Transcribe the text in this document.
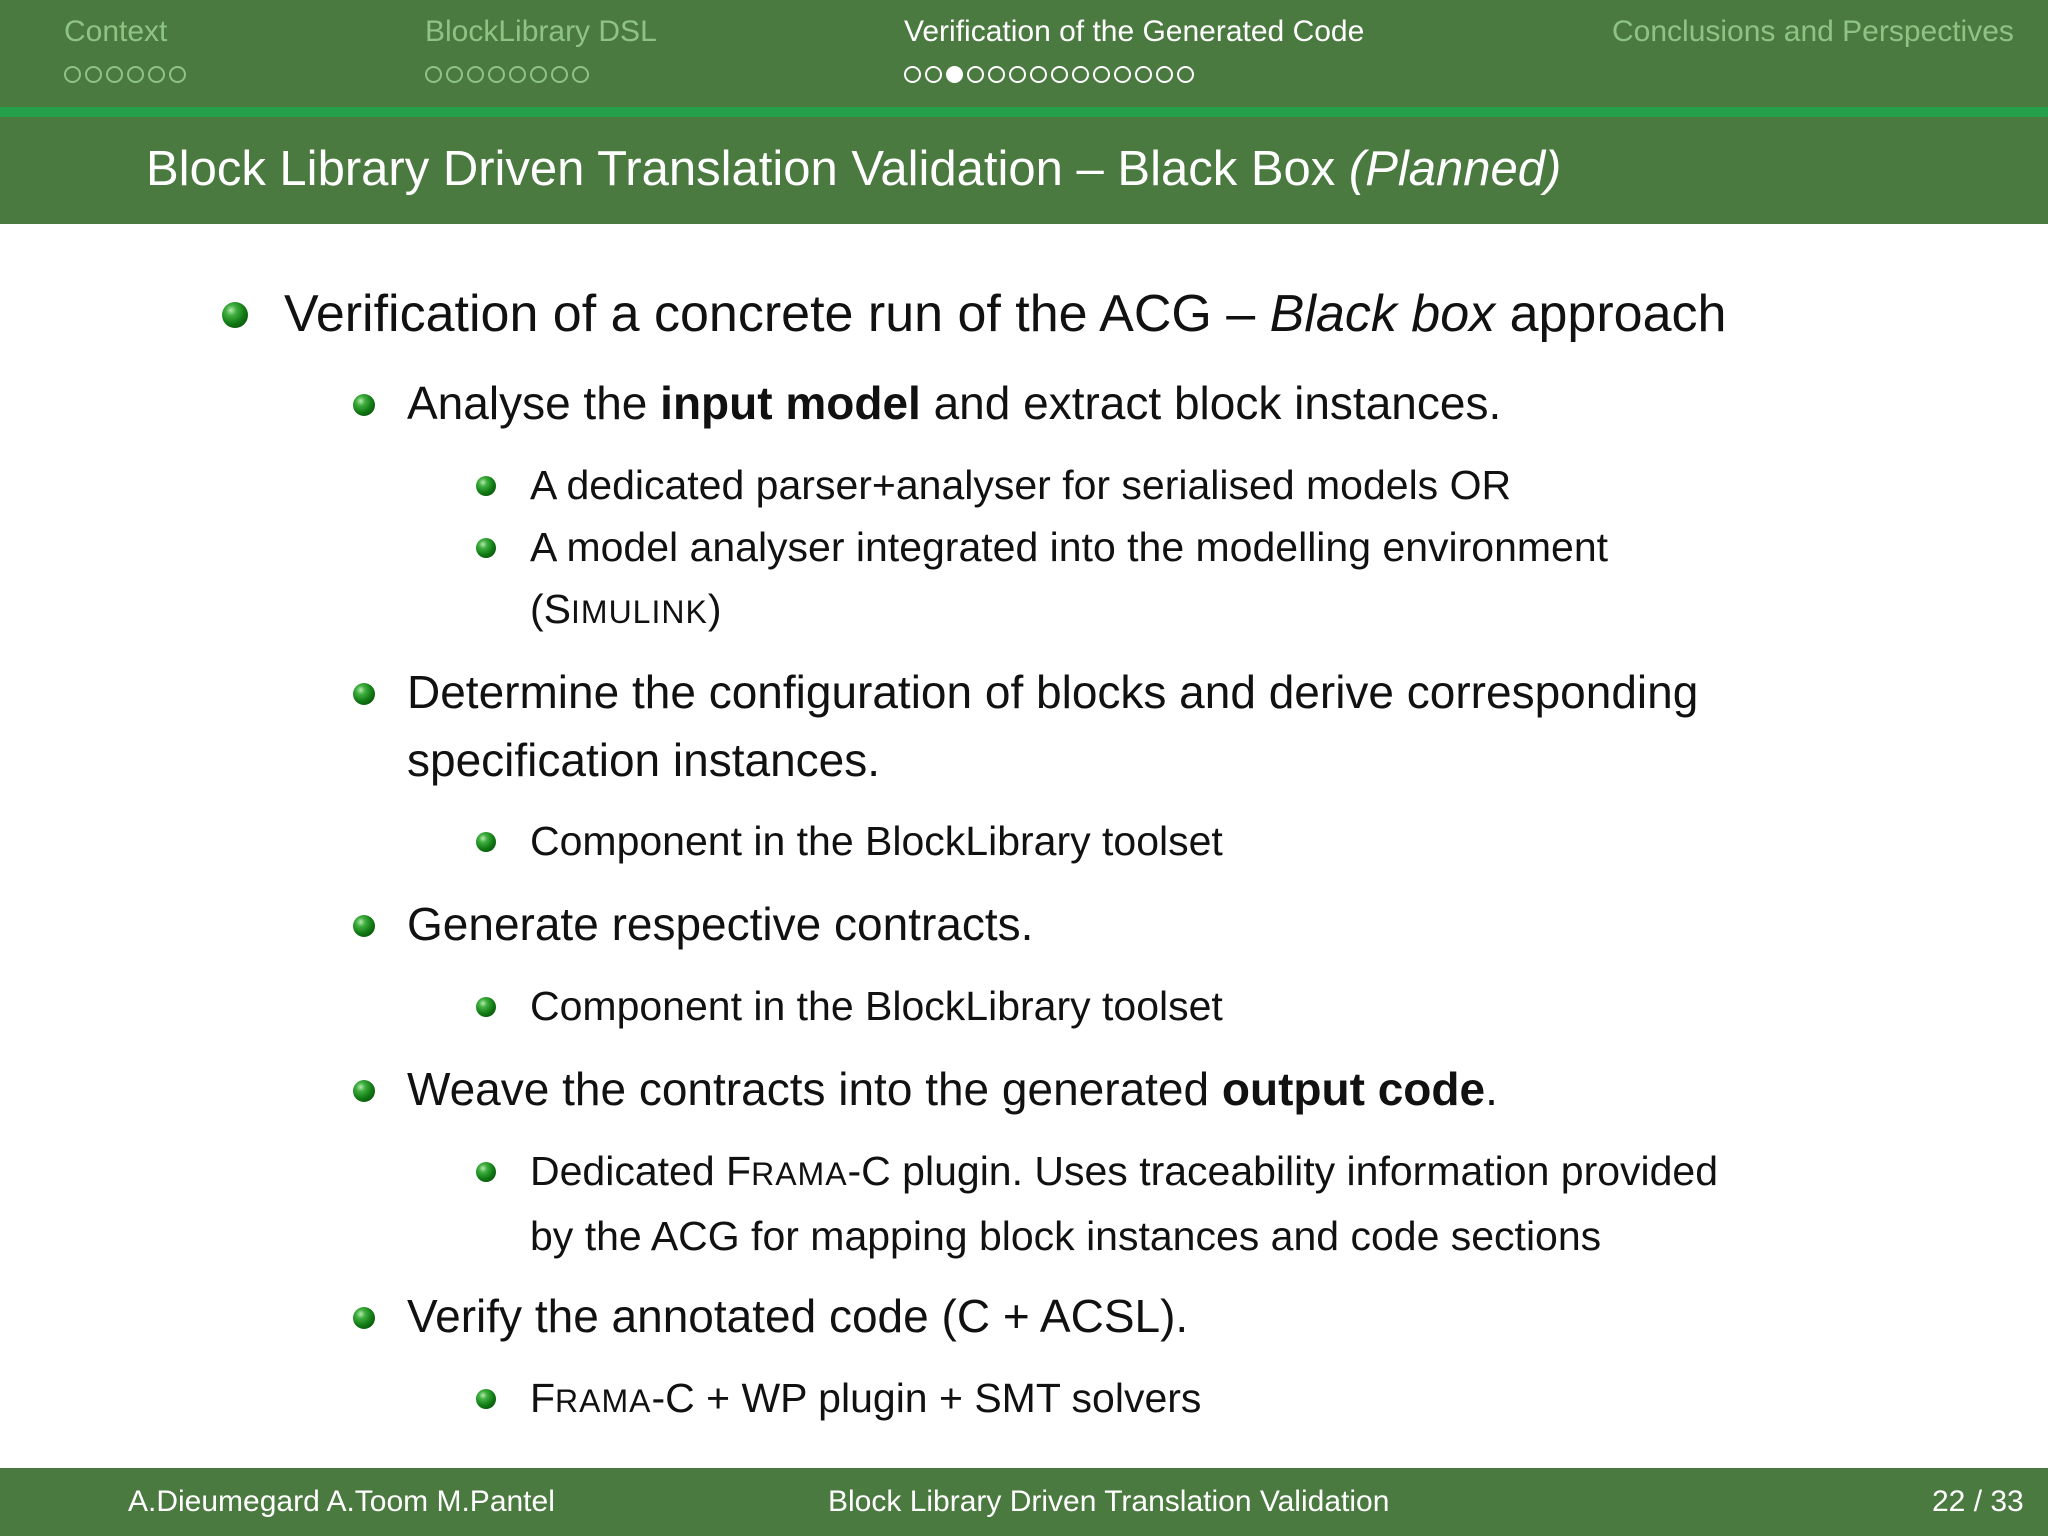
Context	BlockLibrary DSL	Verification of the Generated Code	Conclusions and Perspectives
Block Library Driven Translation Validation – Black Box (Planned)
Verification of a concrete run of the ACG – Black box approach
Analyse the input model and extract block instances.
A dedicated parser+analyser for serialised models OR
A model analyser integrated into the modelling environment
(SIMULINK)
Determine the configuration of blocks and derive corresponding
specification instances.
Component in the BlockLibrary toolset
Generate respective contracts.
Component in the BlockLibrary toolset
Weave the contracts into the generated output code.
Dedicated FRAMA-C plugin. Uses traceability information provided
by the ACG for mapping block instances and code sections
Verify the annotated code (C + ACSL).
FRAMA-C + WP plugin + SMT solvers
A.Dieumegard A.Toom M.Pantel	Block Library Driven Translation Validation	22 / 33
